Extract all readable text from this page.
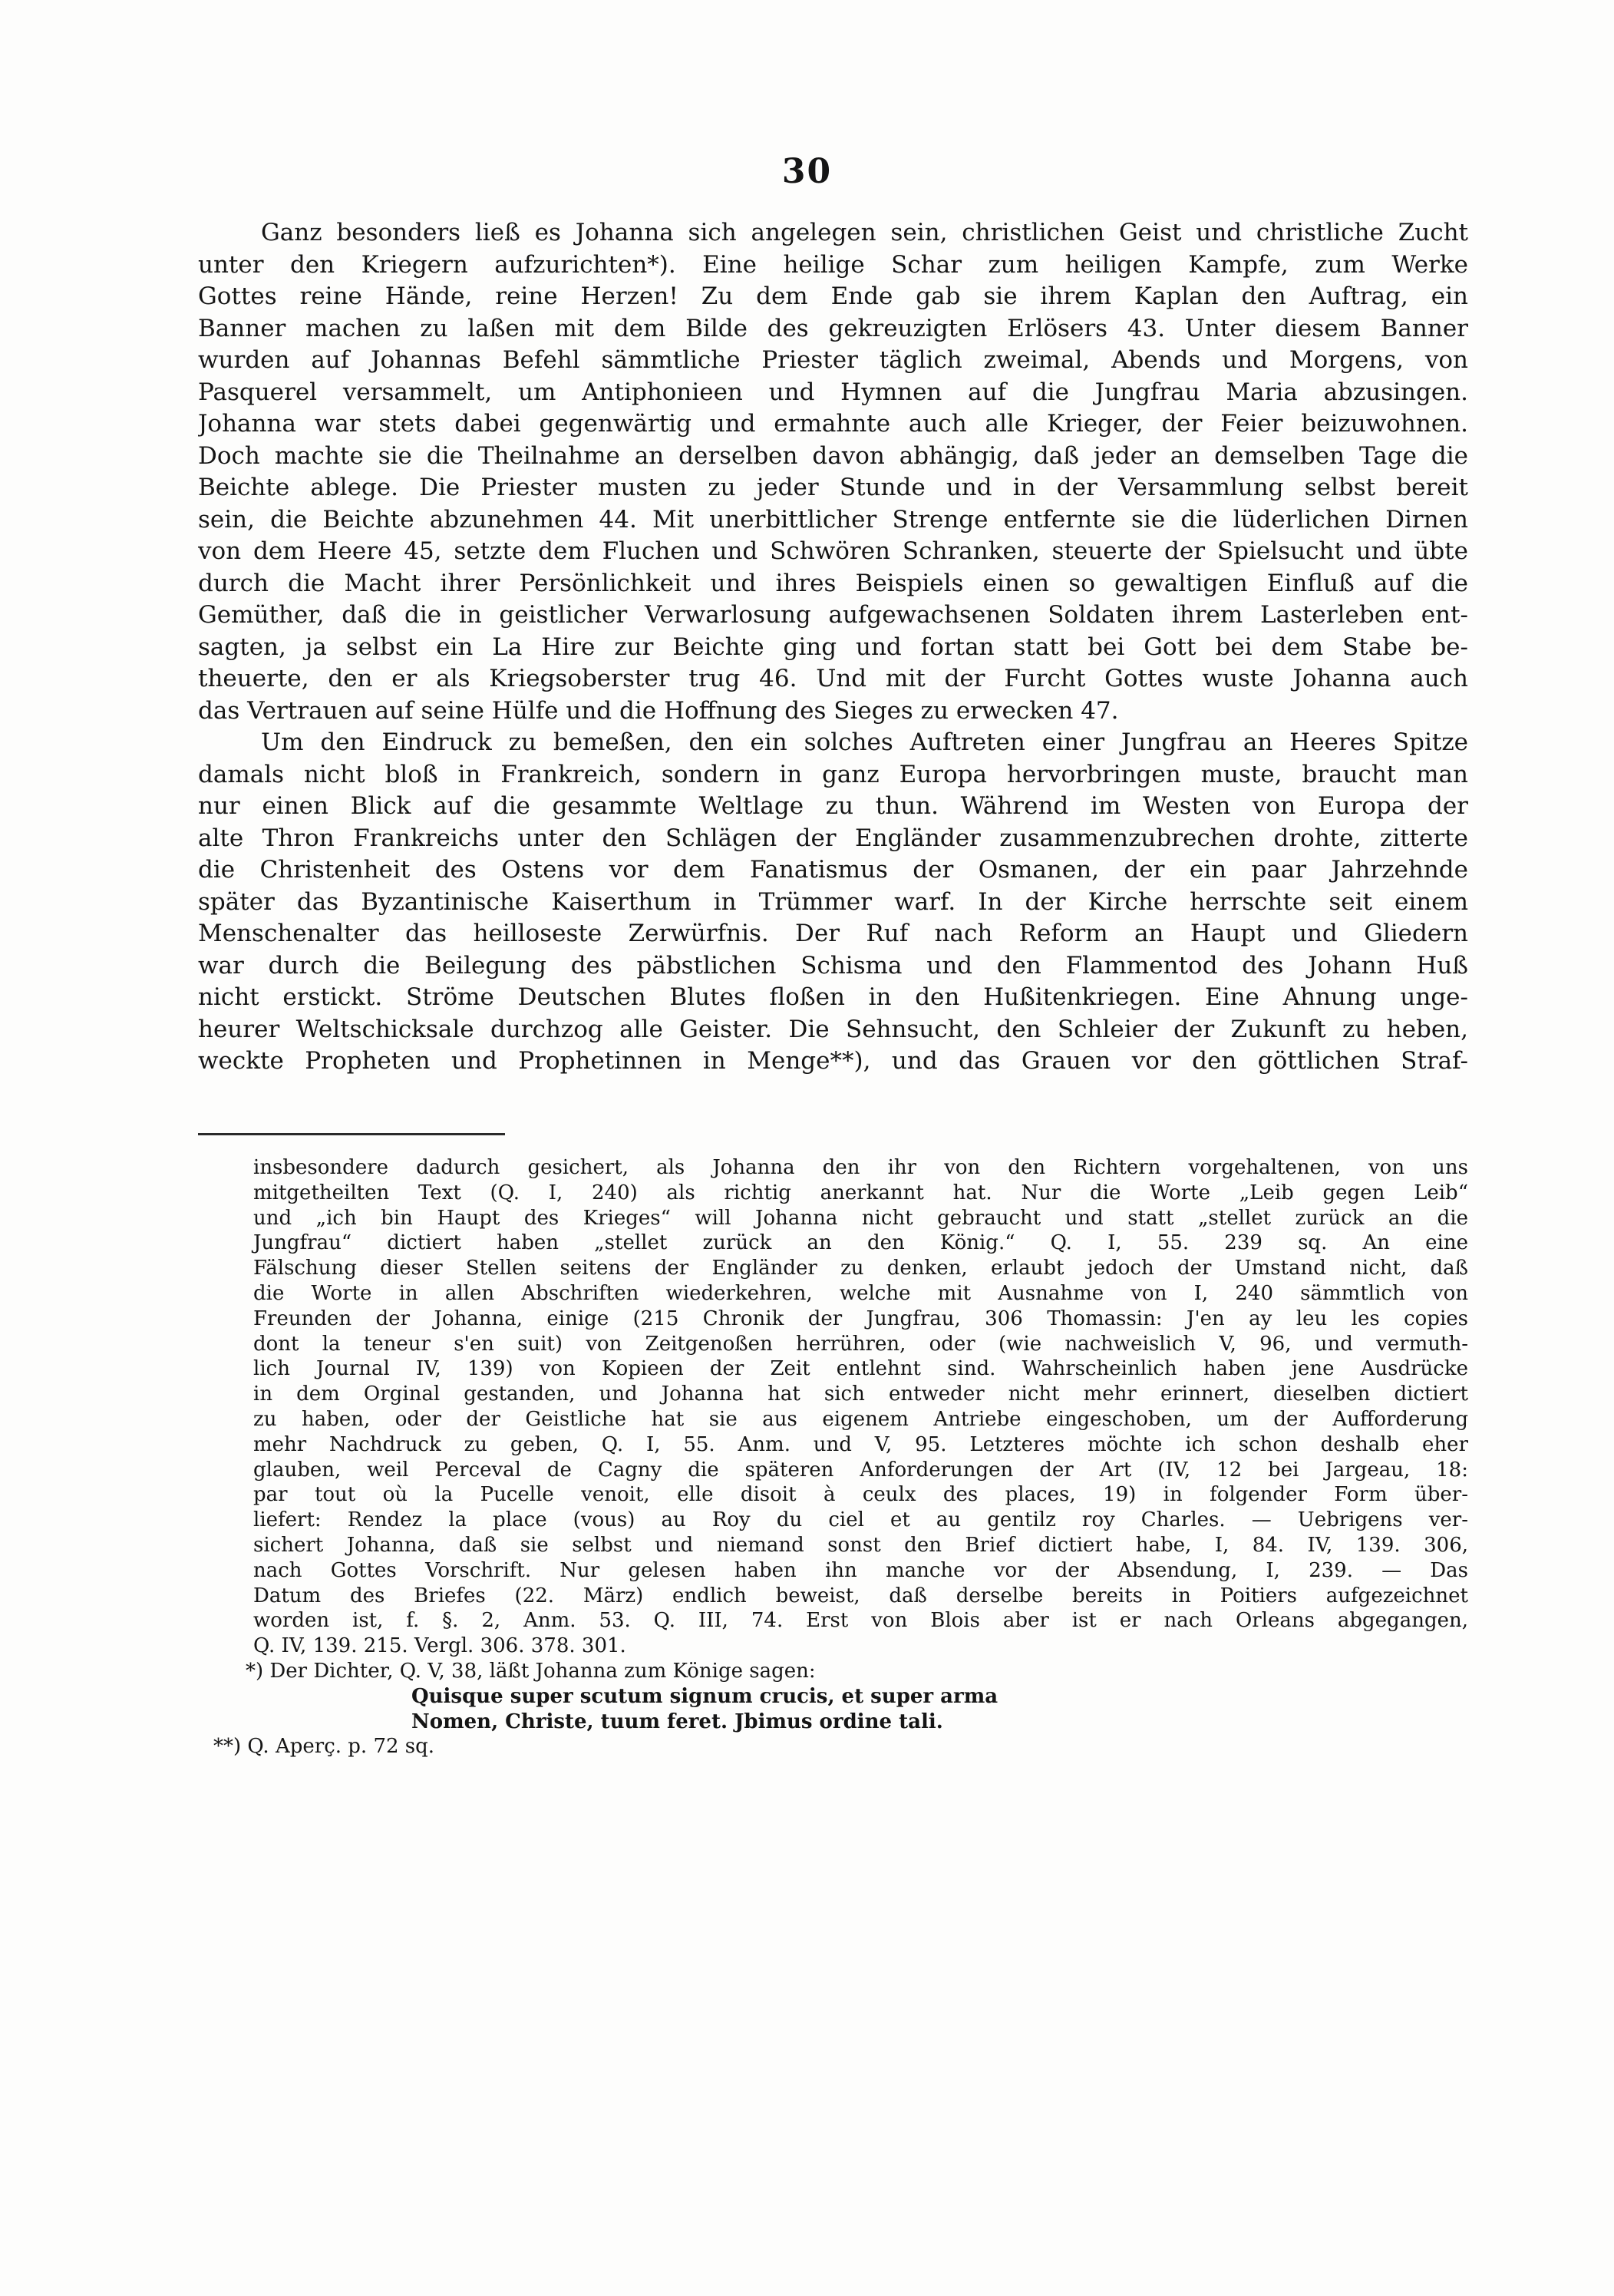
30
Ganz besonders ließ es Johanna sich angelegen sein, christlichen Geist und christliche Zucht
unter den Kriegern aufzurichten*). Eine heilige Schar zum heiligen Kampfe, zum Werke
Gottes reine Hände, reine Herzen! Zu dem Ende gab sie ihrem Kaplan den Auftrag, ein
Banner machen zu laßen mit dem Bilde des gekreuzigten Erlösers 43. Unter diesem Banner
wurden auf Johannas Befehl sämmtliche Priester täglich zweimal, Abends und Morgens, von
Pasquerel versammelt, um Antiphonieen und Hymnen auf die Jungfrau Maria abzusingen.
Johanna war stets dabei gegenwärtig und ermahnte auch alle Krieger, der Feier beizuwohnen.
Doch machte sie die Theilnahme an derselben davon abhängig, daß jeder an demselben Tage die
Beichte ablege. Die Priester musten zu jeder Stunde und in der Versammlung selbst bereit
sein, die Beichte abzunehmen 44. Mit unerbittlicher Strenge entfernte sie die lüderlichen Dirnen
von dem Heere 45, setzte dem Fluchen und Schwören Schranken, steuerte der Spielsucht und übte
durch die Macht ihrer Persönlichkeit und ihres Beispiels einen so gewaltigen Einfluß auf die
Gemüther, daß die in geistlicher Verwarlosung aufgewachsenen Soldaten ihrem Lasterleben ent-
sagten, ja selbst ein La Hire zur Beichte ging und fortan statt bei Gott bei dem Stabe be-
theuerte, den er als Kriegsoberster trug 46. Und mit der Furcht Gottes wuste Johanna auch
das Vertrauen auf seine Hülfe und die Hoffnung des Sieges zu erwecken 47.
Um den Eindruck zu bemeßen, den ein solches Auftreten einer Jungfrau an Heeres Spitze
damals nicht bloß in Frankreich, sondern in ganz Europa hervorbringen muste, braucht man
nur einen Blick auf die gesammte Weltlage zu thun. Während im Westen von Europa der
alte Thron Frankreichs unter den Schlägen der Engländer zusammenzubrechen drohte, zitterte
die Christenheit des Ostens vor dem Fanatismus der Osmanen, der ein paar Jahrzehnde
später das Byzantinische Kaiserthum in Trümmer warf. In der Kirche herrschte seit einem
Menschenalter das heilloseste Zerwürfnis. Der Ruf nach Reform an Haupt und Gliedern
war durch die Beilegung des päbstlichen Schisma und den Flammentod des Johann Huß
nicht erstickt. Ströme Deutschen Blutes floßen in den Hußitenkriegen. Eine Ahnung unge-
heurer Weltschicksale durchzog alle Geister. Die Sehnsucht, den Schleier der Zukunft zu heben,
weckte Propheten und Prophetinnen in Menge**), und das Grauen vor den göttlichen Straf-
insbesondere dadurch gesichert, als Johanna den ihr von den Richtern vorgehaltenen, von uns
mitgetheilten Text (Q. I, 240) als richtig anerkannt hat. Nur die Worte „Leib gegen Leib“
und „ich bin Haupt des Krieges“ will Johanna nicht gebraucht und statt „stellet zurück an die
Jungfrau“ dictiert haben „stellet zurück an den König.“ Q. I, 55. 239 sq. An eine
Fälschung dieser Stellen seitens der Engländer zu denken, erlaubt jedoch der Umstand nicht, daß
die Worte in allen Abschriften wiederkehren, welche mit Ausnahme von I, 240 sämmtlich von
Freunden der Johanna, einige (215 Chronik der Jungfrau, 306 Thomassin: J'en ay leu les copies
dont la teneur s'en suit) von Zeitgenoßen herrühren, oder (wie nachweislich V, 96, und vermuth-
lich Journal IV, 139) von Kopieen der Zeit entlehnt sind. Wahrscheinlich haben jene Ausdrücke
in dem Orginal gestanden, und Johanna hat sich entweder nicht mehr erinnert, dieselben dictiert
zu haben, oder der Geistliche hat sie aus eigenem Antriebe eingeschoben, um der Aufforderung
mehr Nachdruck zu geben, Q. I, 55. Anm. und V, 95. Letzteres möchte ich schon deshalb eher
glauben, weil Perceval de Cagny die späteren Anforderungen der Art (IV, 12 bei Jargeau, 18:
par tout où la Pucelle venoit, elle disoit à ceulx des places, 19) in folgender Form über-
liefert: Rendez la place (vous) au Roy du ciel et au gentilz roy Charles. — Uebrigens ver-
sichert Johanna, daß sie selbst und niemand sonst den Brief dictiert habe, I, 84. IV, 139. 306,
nach Gottes Vorschrift. Nur gelesen haben ihn manche vor der Absendung, I, 239. — Das
Datum des Briefes (22. März) endlich beweist, daß derselbe bereits in Poitiers aufgezeichnet
worden ist, f. §. 2, Anm. 53. Q. III, 74. Erst von Blois aber ist er nach Orleans abgegangen,
Q. IV, 139. 215. Vergl. 306. 378. 301.
*) Der Dichter, Q. V, 38, läßt Johanna zum Könige sagen:
Quisque super scutum signum crucis, et super arma
Nomen, Christe, tuum feret. Jbimus ordine tali.
**) Q. Aperç. p. 72 sq.
